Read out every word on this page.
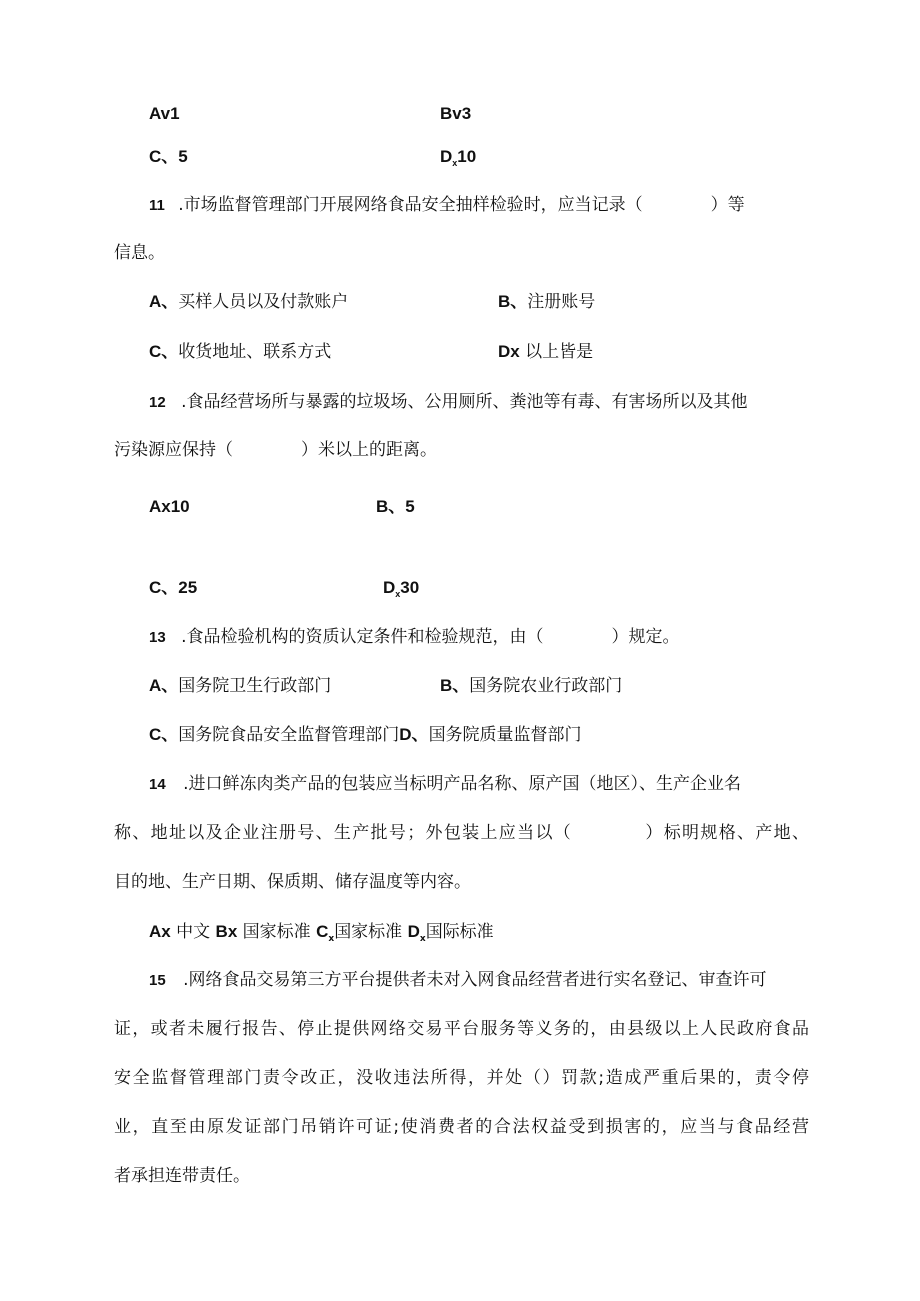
Av1	Bv3
C、5	$D_x10$
11 .市场监督管理部门开展网络食品安全抽样检验时，应当记录（　　　　）等
信息。
A、买样人员以及付款账户	B、注册账号
C、收货地址、联系方式	Dx 以上皆是
12 .食品经营场所与暴露的垃圾场、公用厕所、粪池等有毒、有害场所以及其他
污染源应保持（　　　　）米以上的距离。
Ax10	B、5
C、25	$D_x30$
13 .食品检验机构的资质认定条件和检验规范，由（　　　　）规定。
A、国务院卫生行政部门	B、国务院农业行政部门
C、国务院食品安全监督管理部门D、国务院质量监督部门
14 .进口鲜冻肉类产品的包装应当标明产品名称、原产国（地区）、生产企业名
称、地址以及企业注册号、生产批号；外包装上应当以（　　　　）标明规格、产地、
目的地、生产日期、保质期、储存温度等内容。
Ax 中文 Bx 国家标准 $C_x$国家标准 $D_x$国际标准
15 .网络食品交易第三方平台提供者未对入网食品经营者进行实名登记、审查许可
证，或者未履行报告、停止提供网络交易平台服务等义务的，由县级以上人民政府食品
安全监督管理部门责令改正，没收违法所得，并处（）罚款;造成严重后果的，责令停
业，直至由原发证部门吊销许可证;使消费者的合法权益受到损害的，应当与食品经营
者承担连带责任。
